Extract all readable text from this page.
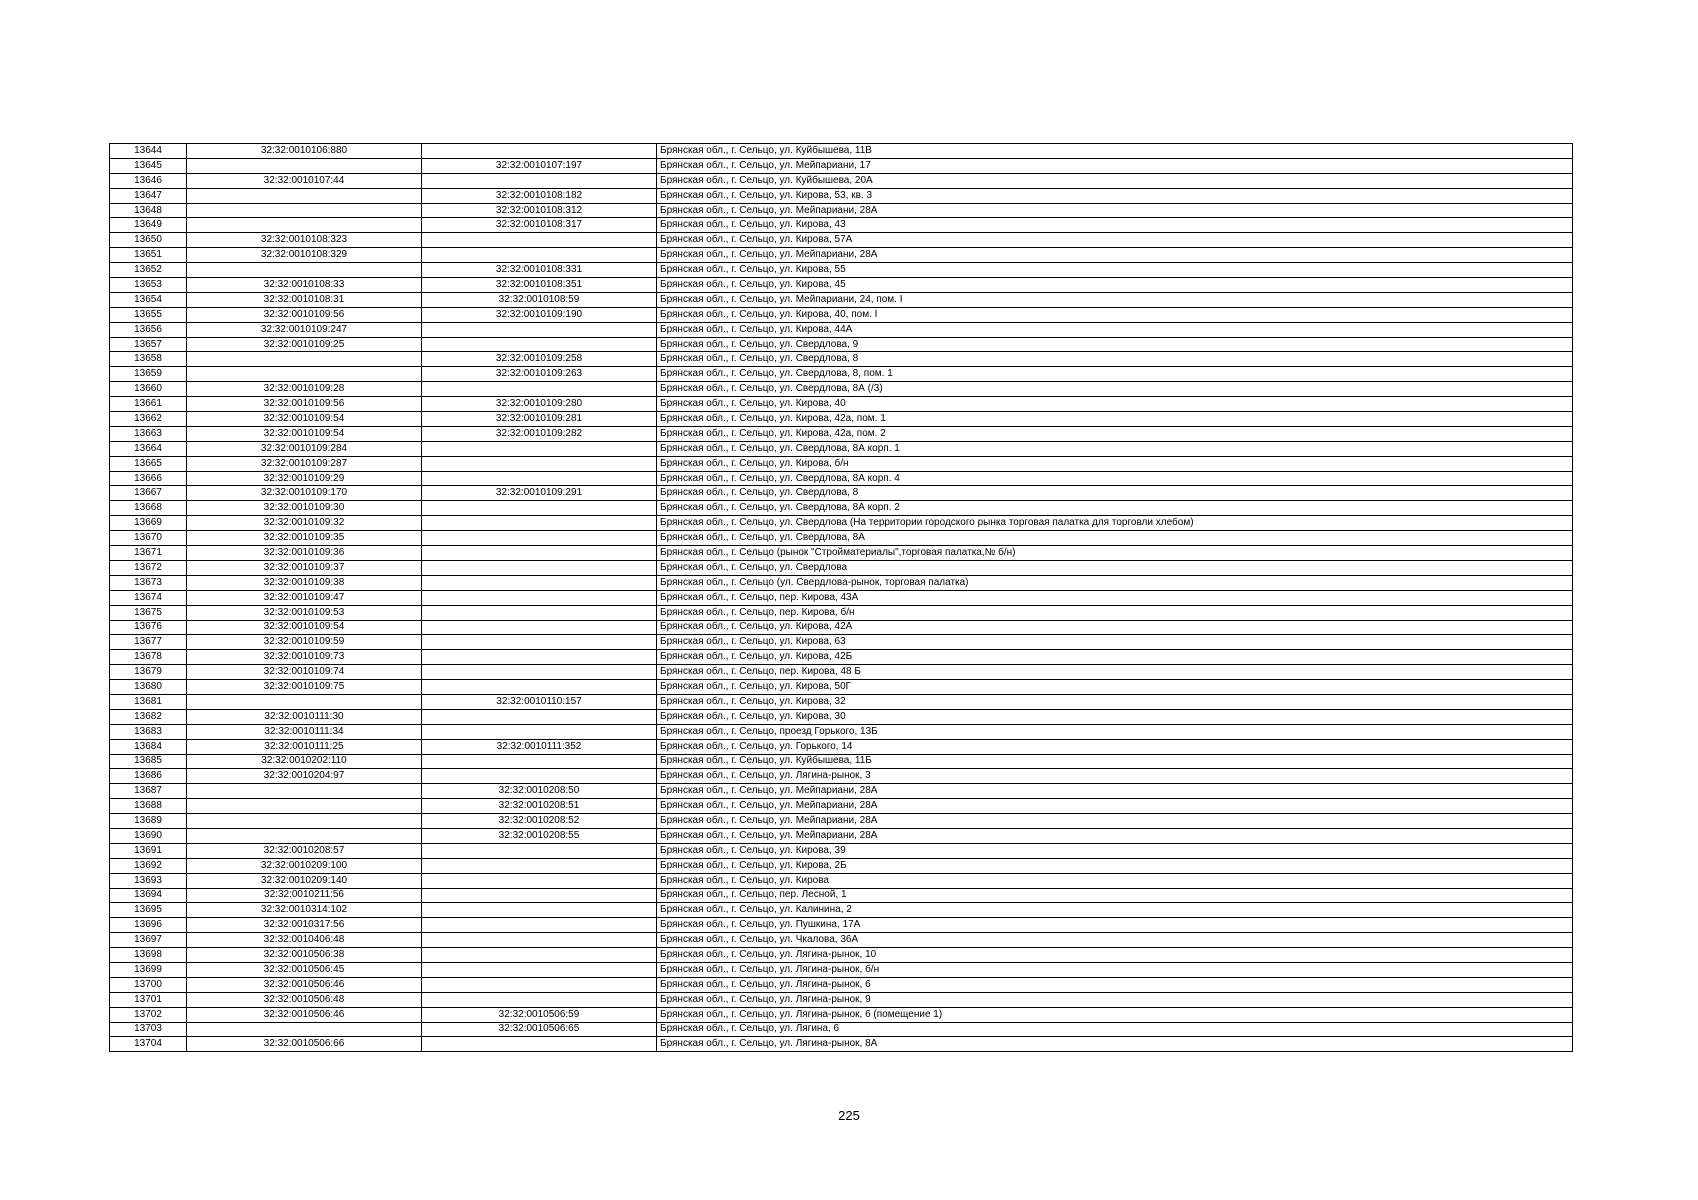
13644	32:32:0010106:880		Брянская обл., г. Сельцо, ул. Куйбышева, 11В
13645		32:32:0010107:197	Брянская обл., г. Сельцо, ул. Мейпариани, 17
13646	32:32:0010107:44		Брянская обл., г. Сельцо, ул. Куйбышева, 20А
13647		32:32:0010108:182	Брянская обл., г. Сельцо, ул. Кирова, 53, кв. 3
13648		32:32:0010108:312	Брянская обл., г. Сельцо, ул. Мейпариани, 28А
13649		32:32:0010108:317	Брянская обл., г. Сельцо, ул. Кирова, 43
13650	32:32:0010108:323		Брянская обл., г. Сельцо, ул. Кирова, 57А
13651	32:32:0010108:329		Брянская обл., г. Сельцо, ул. Мейпариани, 28А
13652		32:32:0010108:331	Брянская обл., г. Сельцо, ул. Кирова, 55
13653	32:32:0010108:33	32:32:0010108:351	Брянская обл., г. Сельцо, ул. Кирова, 45
13654	32:32:0010108:31	32:32:0010108:59	Брянская обл., г. Сельцо, ул. Мейпариани, 24, пом. I
13655	32:32:0010109:56	32:32:0010109:190	Брянская обл., г. Сельцо, ул. Кирова, 40, пом. I
13656	32:32:0010109:247		Брянская обл., г. Сельцо, ул. Кирова, 44А
13657	32:32:0010109:25		Брянская обл., г. Сельцо, ул. Свердлова, 9
13658		32:32:0010109:258	Брянская обл., г. Сельцо, ул. Свердлова, 8
13659		32:32:0010109:263	Брянская обл., г. Сельцо, ул. Свердлова, 8, пом. 1
13660	32:32:0010109:28		Брянская обл., г. Сельцо, ул. Свердлова, 8А (/3)
13661	32:32:0010109:56	32:32:0010109:280	Брянская обл., г. Сельцо, ул. Кирова, 40
13662	32:32:0010109:54	32:32:0010109:281	Брянская обл., г. Сельцо, ул. Кирова, 42а, пом. 1
13663	32:32:0010109:54	32:32:0010109:282	Брянская обл., г. Сельцо, ул. Кирова, 42а, пом. 2
13664	32:32:0010109:284		Брянская обл., г. Сельцо, ул. Свердлова, 8А корп. 1
13665	32:32:0010109:287		Брянская обл., г. Сельцо, ул. Кирова, б/н
13666	32:32:0010109:29		Брянская обл., г. Сельцо, ул. Свердлова, 8А корп. 4
13667	32:32:0010109:170	32:32:0010109:291	Брянская обл., г. Сельцо, ул. Свердлова, 8
13668	32:32:0010109:30		Брянская обл., г. Сельцо, ул. Свердлова, 8А корп. 2
13669	32:32:0010109:32		Брянская обл., г. Сельцо, ул. Свердлова (На территории городского рынка торговая палатка для торговли хлебом)
13670	32:32:0010109:35		Брянская обл., г. Сельцо, ул. Свердлова, 8А
13671	32:32:0010109:36		Брянская обл., г. Сельцо (рынок "Стройматериалы",торговая палатка,№ б/н)
13672	32:32:0010109:37		Брянская обл., г. Сельцо, ул. Свердлова
13673	32:32:0010109:38		Брянская обл., г. Сельцо (ул. Свердлова-рынок, торговая палатка)
13674	32:32:0010109:47		Брянская обл., г. Сельцо, пер. Кирова, 43А
13675	32:32:0010109:53		Брянская обл., г. Сельцо, пер. Кирова, б/н
13676	32:32:0010109:54		Брянская обл., г. Сельцо, ул. Кирова, 42А
13677	32:32:0010109:59		Брянская обл., г. Сельцо, ул. Кирова, 63
13678	32:32:0010109:73		Брянская обл., г. Сельцо, ул. Кирова, 42Б
13679	32:32:0010109:74		Брянская обл., г. Сельцо, пер. Кирова, 48 Б
13680	32:32:0010109:75		Брянская обл., г. Сельцо, ул. Кирова, 50Г
13681		32:32:0010110:157	Брянская обл., г. Сельцо, ул. Кирова, 32
13682	32:32:0010111:30		Брянская обл., г. Сельцо, ул. Кирова, 30
13683	32:32:0010111:34		Брянская обл., г. Сельцо, проезд Горького, 13Б
13684	32:32:0010111:25	32:32:0010111:352	Брянская обл., г. Сельцо, ул. Горького, 14
13685	32:32:0010202:110		Брянская обл., г. Сельцо, ул. Куйбышева, 11Б
13686	32:32:0010204:97		Брянская обл., г. Сельцо, ул. Лягина-рынок, 3
13687		32:32:0010208:50	Брянская обл., г. Сельцо, ул. Мейпариани, 28А
13688		32:32:0010208:51	Брянская обл., г. Сельцо, ул. Мейпариани, 28А
13689		32:32:0010208:52	Брянская обл., г. Сельцо, ул. Мейпариани, 28А
13690		32:32:0010208:55	Брянская обл., г. Сельцо, ул. Мейпариани, 28А
13691	32:32:0010208:57		Брянская обл., г. Сельцо, ул. Кирова, 39
13692	32:32:0010209:100		Брянская обл., г. Сельцо, ул. Кирова, 2Б
13693	32:32:0010209:140		Брянская обл., г. Сельцо, ул. Кирова
13694	32:32:0010211:56		Брянская обл., г. Сельцо, пер. Лесной, 1
13695	32:32:0010314:102		Брянская обл., г. Сельцо, ул. Калинина, 2
13696	32:32:0010317:56		Брянская обл., г. Сельцо, ул. Пушкина, 17А
13697	32:32:0010406:48		Брянская обл., г. Сельцо, ул. Чкалова, 36А
13698	32:32:0010506:38		Брянская обл., г. Сельцо, ул. Лягина-рынок, 10
13699	32:32:0010506:45		Брянская обл., г. Сельцо, ул. Лягина-рынок, б/н
13700	32:32:0010506:46		Брянская обл., г. Сельцо, ул. Лягина-рынок, 6
13701	32:32:0010506:48		Брянская обл., г. Сельцо, ул. Лягина-рынок, 9
13702	32:32:0010506:46	32:32:0010506:59	Брянская обл., г. Сельцо, ул. Лягина-рынок, 6 (помещение 1)
13703		32:32:0010506:65	Брянская обл., г. Сельцо, ул. Лягина, 6
13704	32:32:0010506:66		Брянская обл., г. Сельцо, ул. Лягина-рынок, 8А
225
